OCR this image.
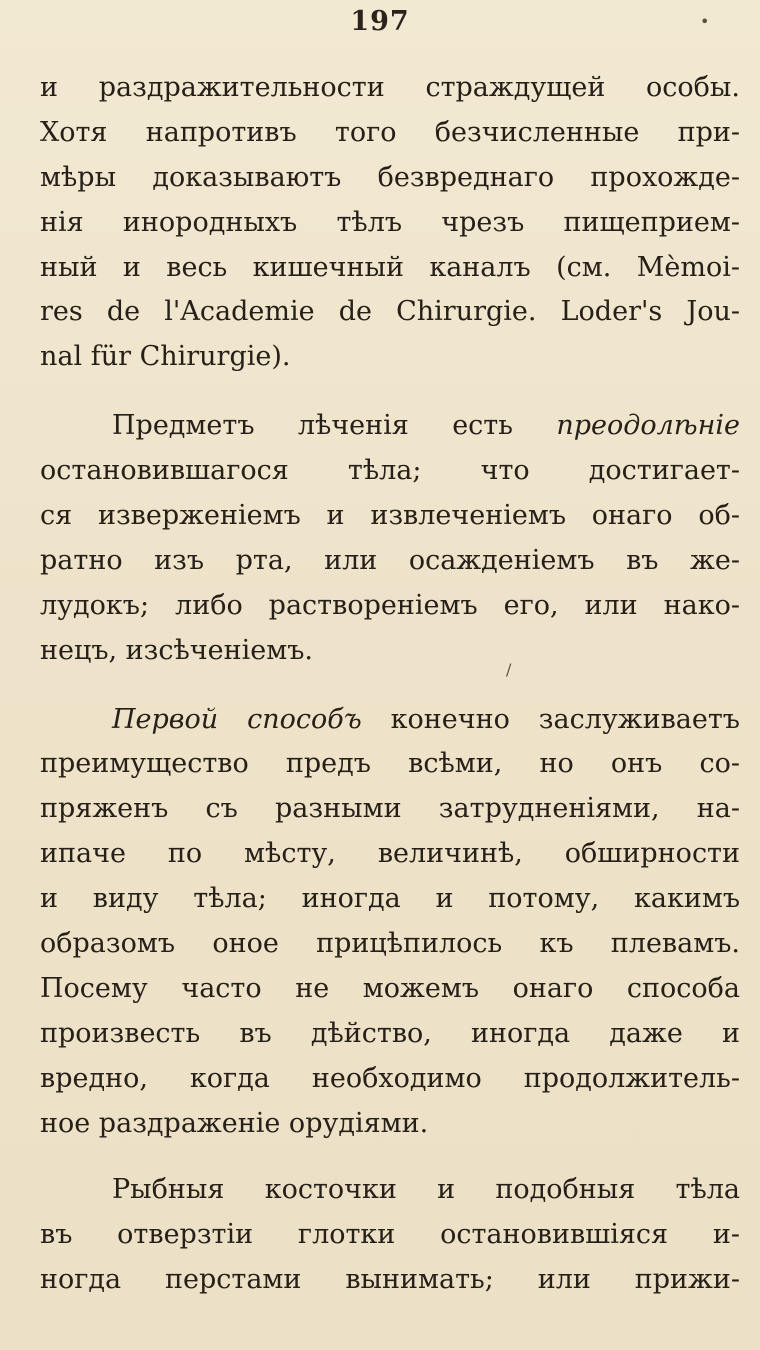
197	•
/
и раздражительности страждущей особы.
Хотя напротивъ того безчисленные при-
мѣры доказываютъ безвреднаго прохожде-
нія инородныхъ тѣлъ чрезъ пищеприем-
ный и весь кишечный каналъ (см. Mèmoi-
res de l'Academie de Chirurgie. Loder's Jou-
nal für Chirurgie).
Предметъ лѣченія есть преодолѣніе
остановившагося тѣла; что достигает-
ся изверженіемъ и извлеченіемъ онаго об-
ратно изъ рта, или осажденіемъ въ же-
лудокъ; либо раствореніемъ его, или нако-
нецъ, изсѣченіемъ.
Первой способъ конечно заслуживаетъ
преимущество предъ всѣми, но онъ со-
пряженъ съ разными затрудненіями, на-
ипаче по мѣсту, величинѣ, обширности
и виду тѣла; иногда и потому, какимъ
образомъ оное прицѣпилось къ плевамъ.
Посему часто не можемъ онаго способа
произвесть въ дѣйство, иногда даже и
вредно, когда необходимо продолжитель-
ное раздраженіе орудіями.
Рыбныя косточки и подобныя тѣла
въ отверзтіи глотки остановившіяся и-
ногда перстами вынимать; или прижи-
